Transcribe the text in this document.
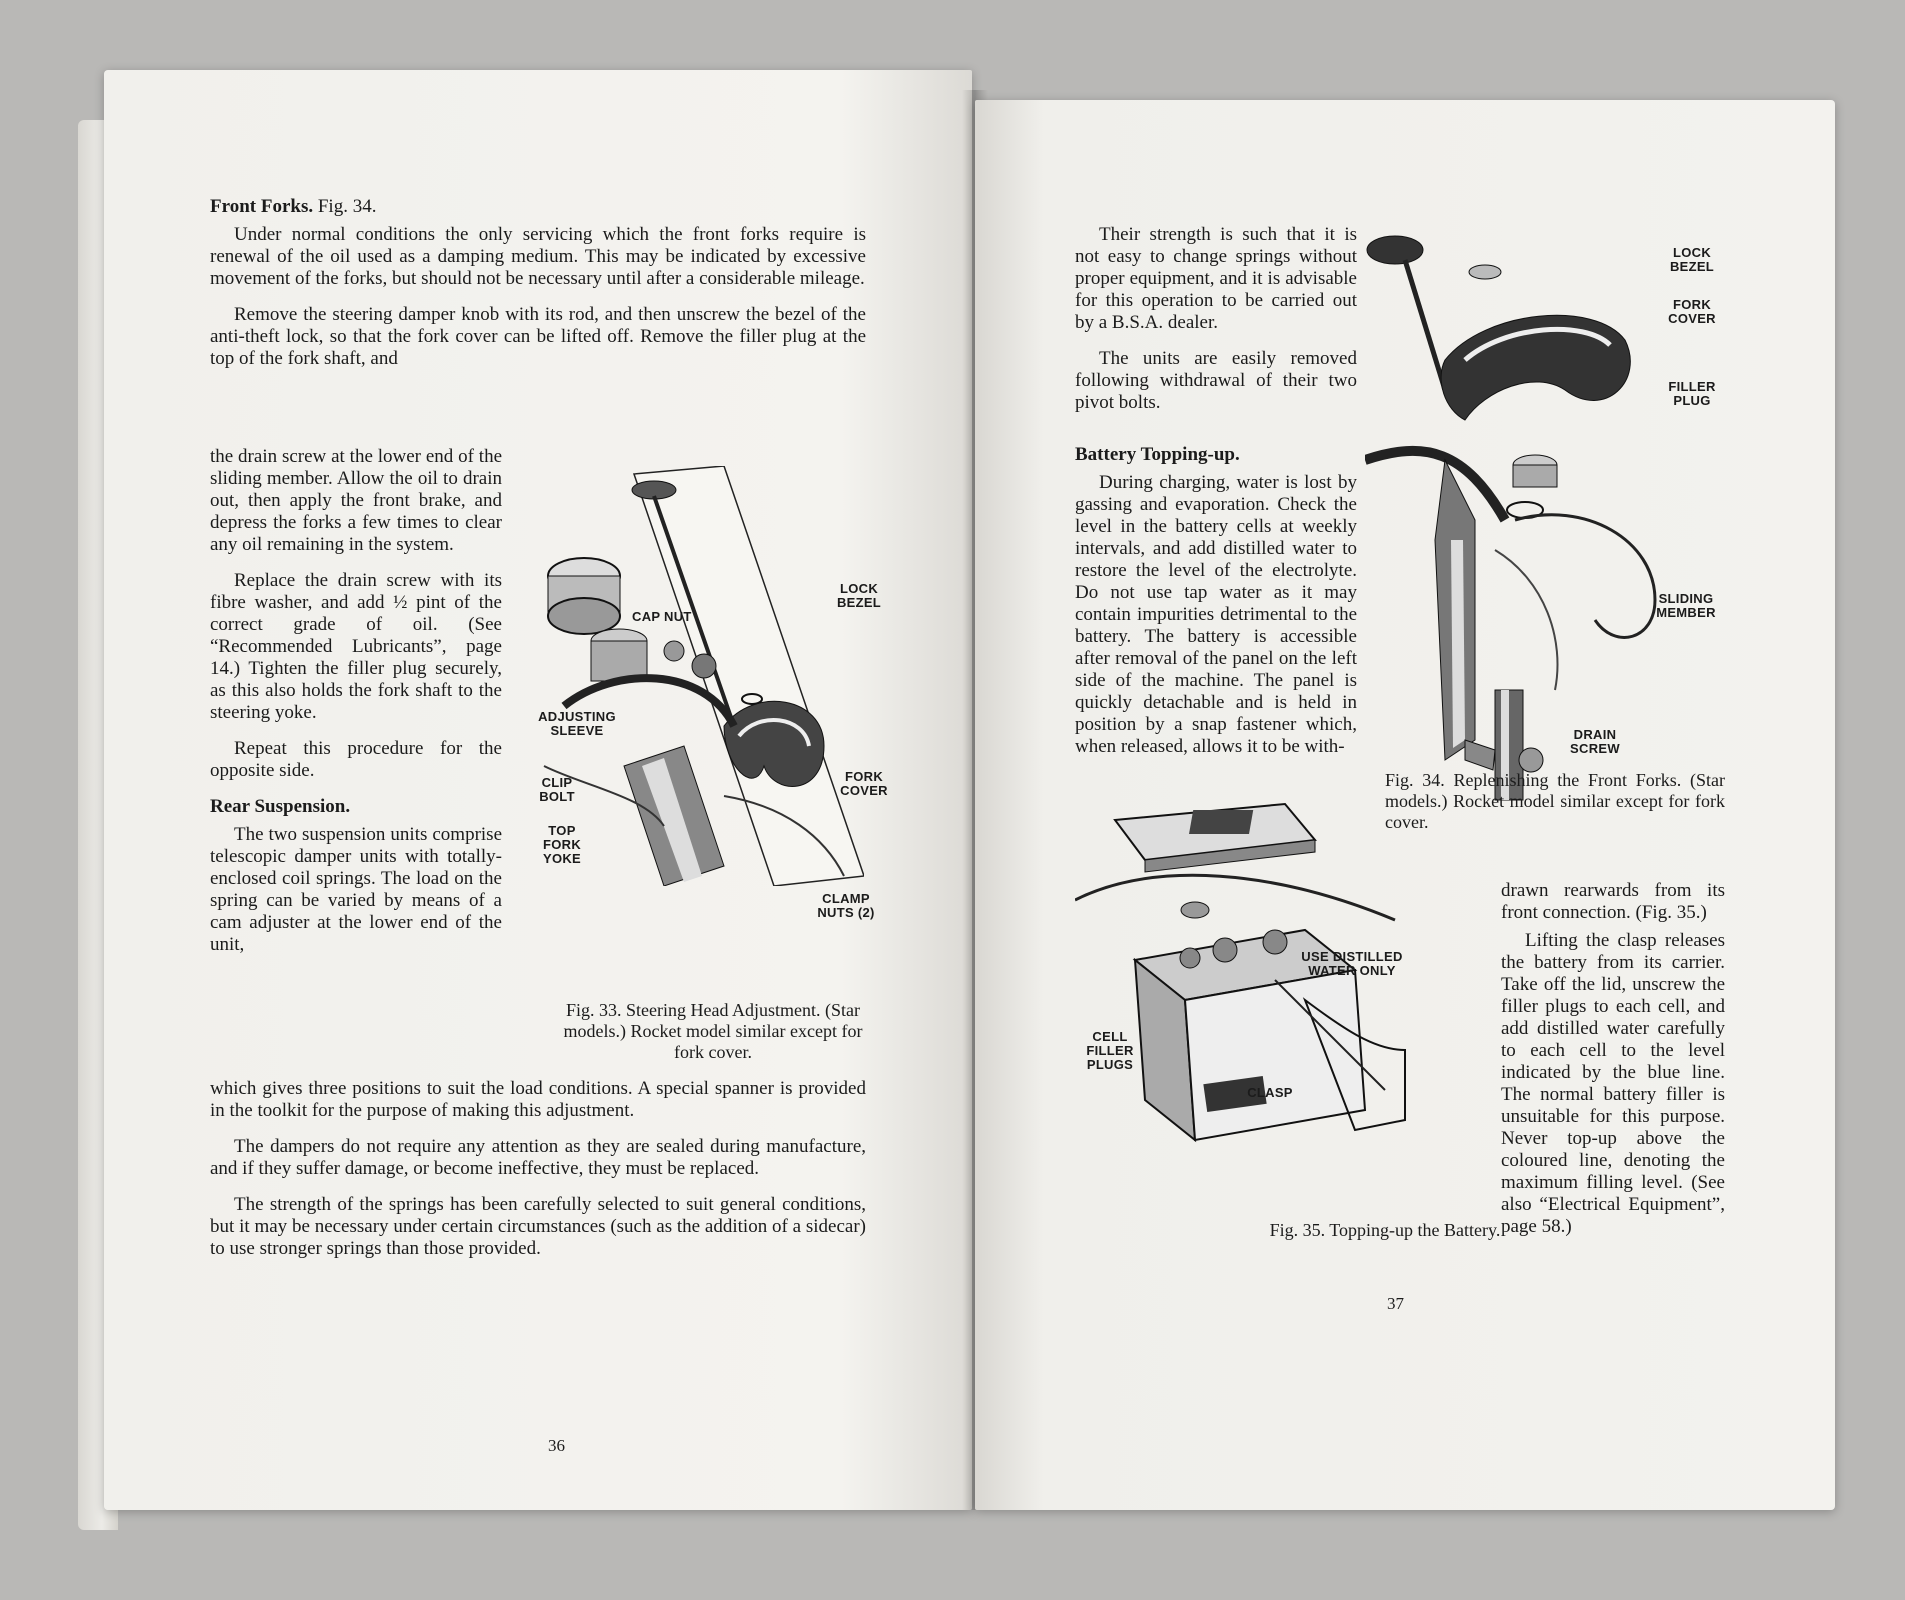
Front Forks. Fig. 34.

Under normal conditions the only servicing which the front forks require is renewal of the oil used as a damping medium. This may be indicated by excessive movement of the forks, but should not be necessary until after a considerable mileage.

Remove the steering damper knob with its rod, and then unscrew the bezel of the anti-theft lock, so that the fork cover can be lifted off. Remove the filler plug at the top of the fork shaft, and

the drain screw at the lower end of the sliding member. Allow the oil to drain out, then apply the front brake, and depress the forks a few times to clear any oil remaining in the system.

Replace the drain screw with its fibre washer, and add ½ pint of the correct grade of oil. (See “Recommended Lubricants”, page 14.) Tighten the filler plug securely, as this also holds the fork shaft to the steering yoke.

Repeat this procedure for the opposite side.

Rear Suspension.

The two suspension units comprise telescopic damper units with totally-enclosed coil springs. The load on the spring can be varied by means of a cam adjuster at the lower end of the unit,

CAP NUT
LOCK BEZEL
ADJUSTING SLEEVE
CLIP BOLT
FORK COVER
TOP FORK YOKE
CLAMP NUTS (2)
Fig. 33. Steering Head Adjustment. (Star models.) Rocket model similar except for fork cover.

which gives three positions to suit the load conditions. A special spanner is provided in the toolkit for the purpose of making this adjustment.

The dampers do not require any attention as they are sealed during manufacture, and if they suffer damage, or become ineffective, they must be replaced.

The strength of the springs has been carefully selected to suit general conditions, but it may be necessary under certain circumstances (such as the addition of a sidecar) to use stronger springs than those provided.

36

Their strength is such that it is not easy to change springs without proper equipment, and it is advisable for this operation to be carried out by a B.S.A. dealer.

The units are easily removed following withdrawal of their two pivot bolts.

Battery Topping-up.

During charging, water is lost by gassing and evaporation. Check the level in the battery cells at weekly intervals, and add distilled water to restore the level of the electrolyte. Do not use tap water as it may contain impurities detrimental to the battery. The battery is accessible after removal of the panel on the left side of the machine. The panel is quickly detachable and is held in position by a snap fastener which, when released, allows it to be with-

LOCK BEZEL
FORK COVER
FILLER PLUG
SLIDING MEMBER
DRAIN SCREW
Fig. 34. Replenishing the Front Forks. (Star models.) Rocket model similar except for fork cover.
USE DISTILLED WATER ONLY
CELL FILLER PLUGS
CLASP

drawn rearwards from its front connection. (Fig. 35.)

Lifting the clasp releases the battery from its carrier. Take off the lid, unscrew the filler plugs to each cell, and add distilled water carefully to each cell to the level indicated by the blue line. The normal battery filler is unsuitable for this purpose. Never top-up above the coloured line, denoting the maximum filling level. (See also “Electrical Equipment”, page 58.)

Fig. 35. Topping-up the Battery.
37
